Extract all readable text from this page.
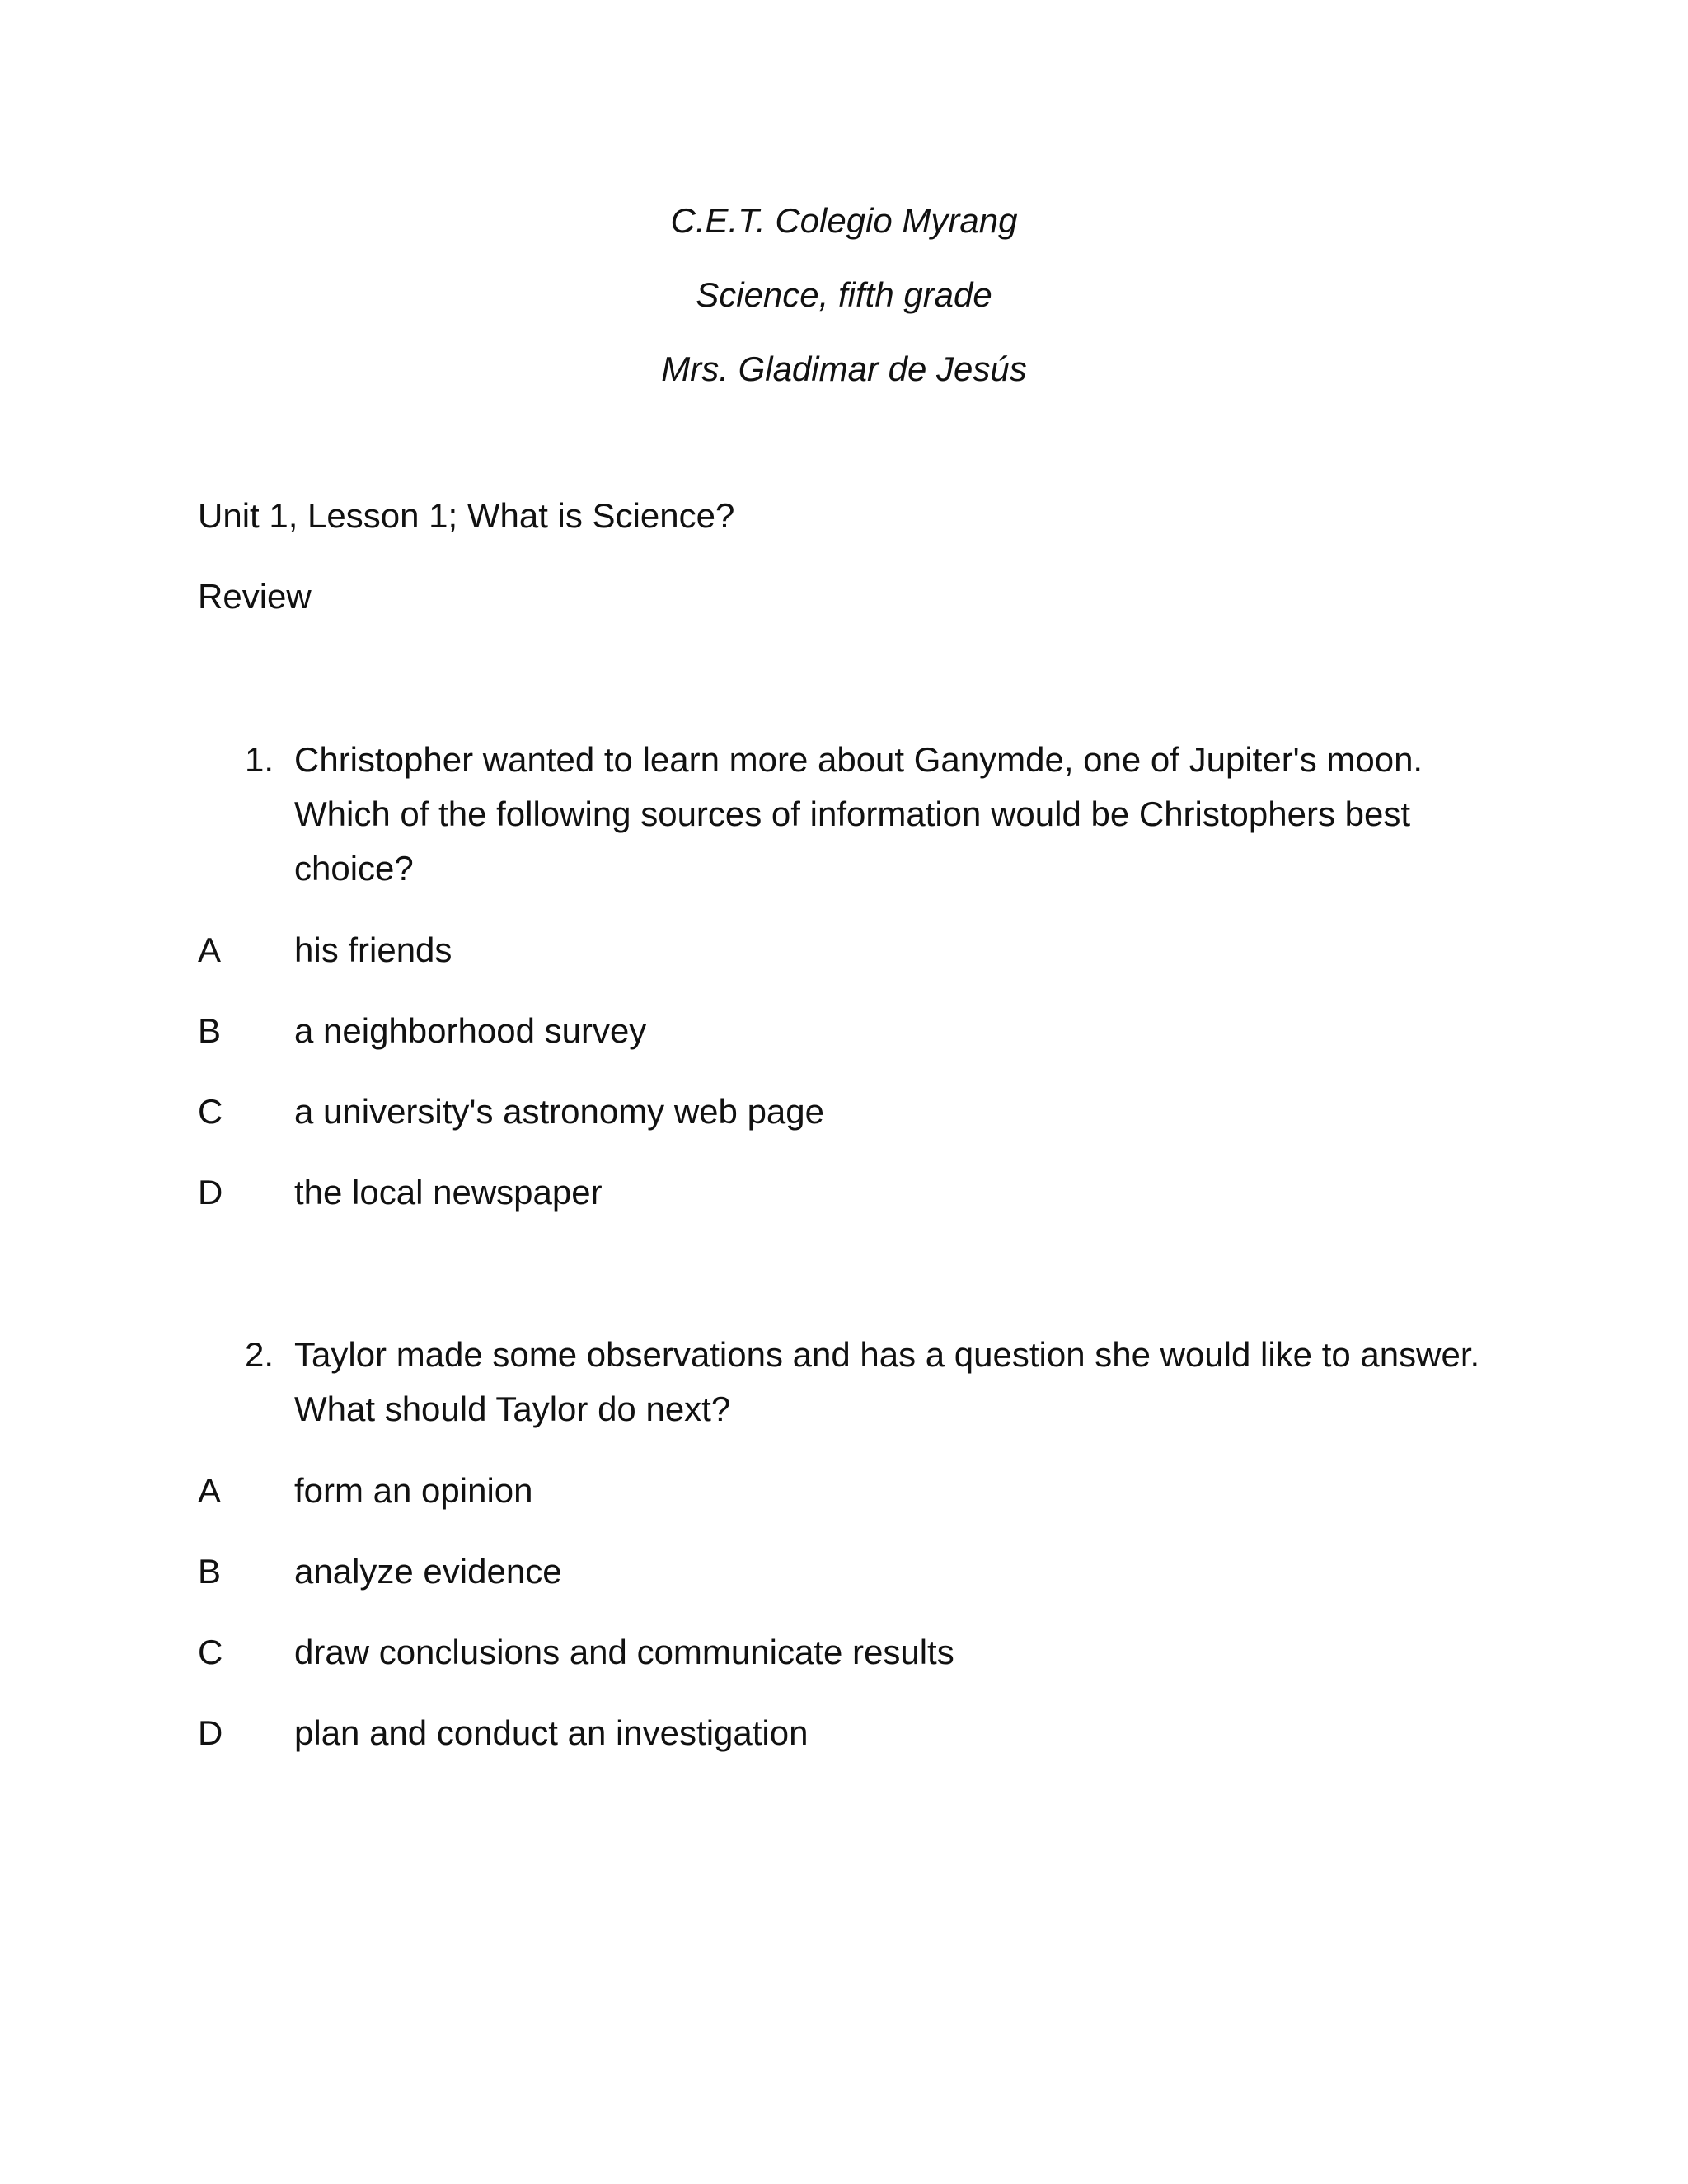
C.E.T. Colegio Myrang
Science, fifth grade
Mrs. Gladimar de Jesús
Unit 1, Lesson 1; What is Science?
Review
1. Christopher wanted to learn more about Ganymde, one of Jupiter's moon. Which of the following sources of information would be Christophers best choice?
A his friends
B a neighborhood survey
C a university's astronomy web page
D the local newspaper
2. Taylor made some observations and has a question she would like to answer. What should Taylor do next?
A form an opinion
B analyze evidence
C draw conclusions and communicate results
D plan and conduct an investigation
